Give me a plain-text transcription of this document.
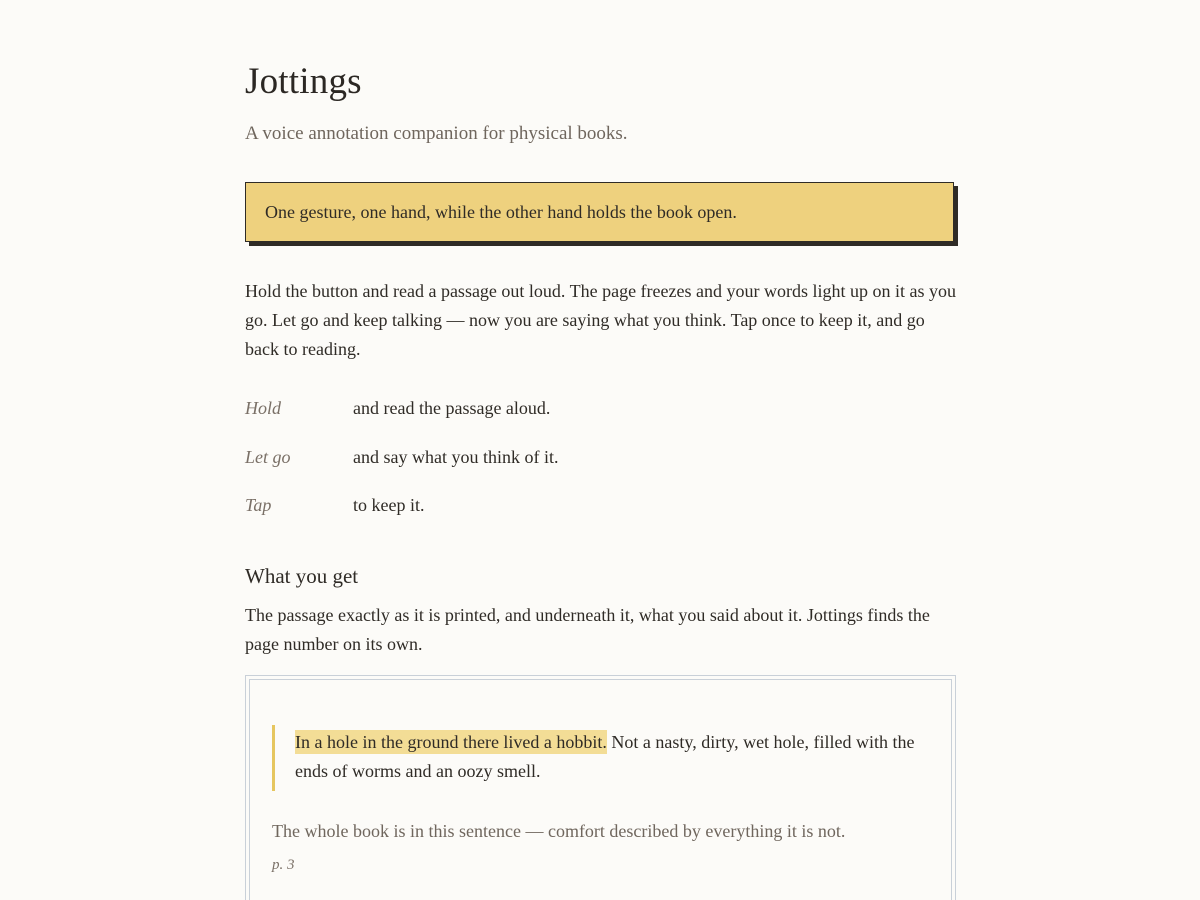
Jottings

A voice annotation companion for physical books.

One gesture, one hand, while the other hand holds the book open.

Hold the button and read a passage out loud. The page freezes and your words light up on it as you go. Let go and keep talking — now you are saying what you think. Tap once to keep it, and go back to reading.

Hold	and read the passage aloud.
Let go	and say what you think of it.
Tap	to keep it.
What you get

The passage exactly as it is printed, and underneath it, what you said about it. Jottings finds the page number on its own.

In a hole in the ground there lived a hobbit. Not a nasty, dirty, wet hole, filled with the ends of worms and an oozy smell.
The whole book is in this sentence — comfort described by everything it is not.
p. 3
